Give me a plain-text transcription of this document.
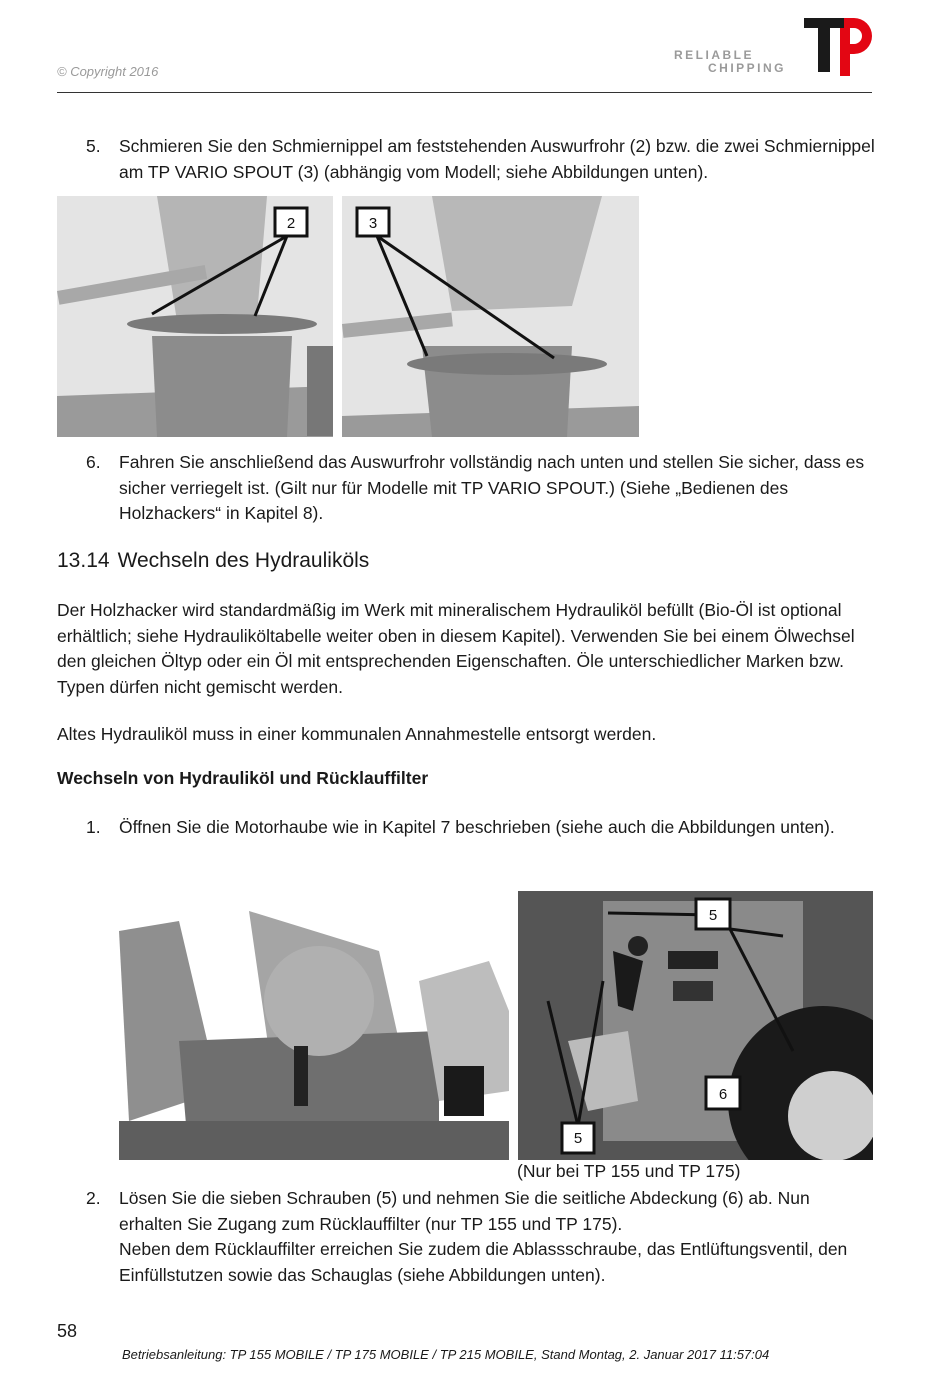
© Copyright 2016
RELIABLE
CHIPPING
5.	Schmieren Sie den Schmiernippel am feststehenden Auswurfrohr (2) bzw. die zwei Schmiernippel am TP VARIO SPOUT (3) (abhängig vom Modell; siehe Abbildungen unten).
2	3
6.	Fahren Sie anschließend das Auswurfrohr vollständig nach unten und stellen Sie sicher, dass es sicher verriegelt ist. (Gilt nur für Modelle mit TP VARIO SPOUT.) (Siehe „Bedienen des Holzhackers“ in Kapitel 8).
13.14 Wechseln des Hydrauliköls
Der Holzhacker wird standardmäßig im Werk mit mineralischem Hydrauliköl befüllt (Bio-Öl ist optional erhältlich; siehe Hydrauliköltabelle weiter oben in diesem Kapitel). Verwenden Sie bei einem Ölwechsel den gleichen Öltyp oder ein Öl mit entsprechenden Eigenschaften. Öle unterschiedlicher Marken bzw. Typen dürfen nicht gemischt werden.
Altes Hydrauliköl muss in einer kommunalen Annahmestelle entsorgt werden.
Wechseln von Hydrauliköl und Rücklauffilter
1.	Öffnen Sie die Motorhaube wie in Kapitel 7 beschrieben (siehe auch die Abbildungen unten).
5
5
6
(Nur bei TP 155 und TP 175)
2.	Lösen Sie die sieben Schrauben (5) und nehmen Sie die seitliche Abdeckung (6) ab. Nun erhalten Sie Zugang zum Rücklauffilter (nur TP 155 und TP 175).
Neben dem Rücklauffilter erreichen Sie zudem die Ablassschraube, das Entlüftungsventil, den Einfüllstutzen sowie das Schauglas (siehe Abbildungen unten).
58
Betriebsanleitung: TP 155 MOBILE / TP 175 MOBILE / TP 215 MOBILE, Stand Montag, 2. Januar 2017 11:57:04
